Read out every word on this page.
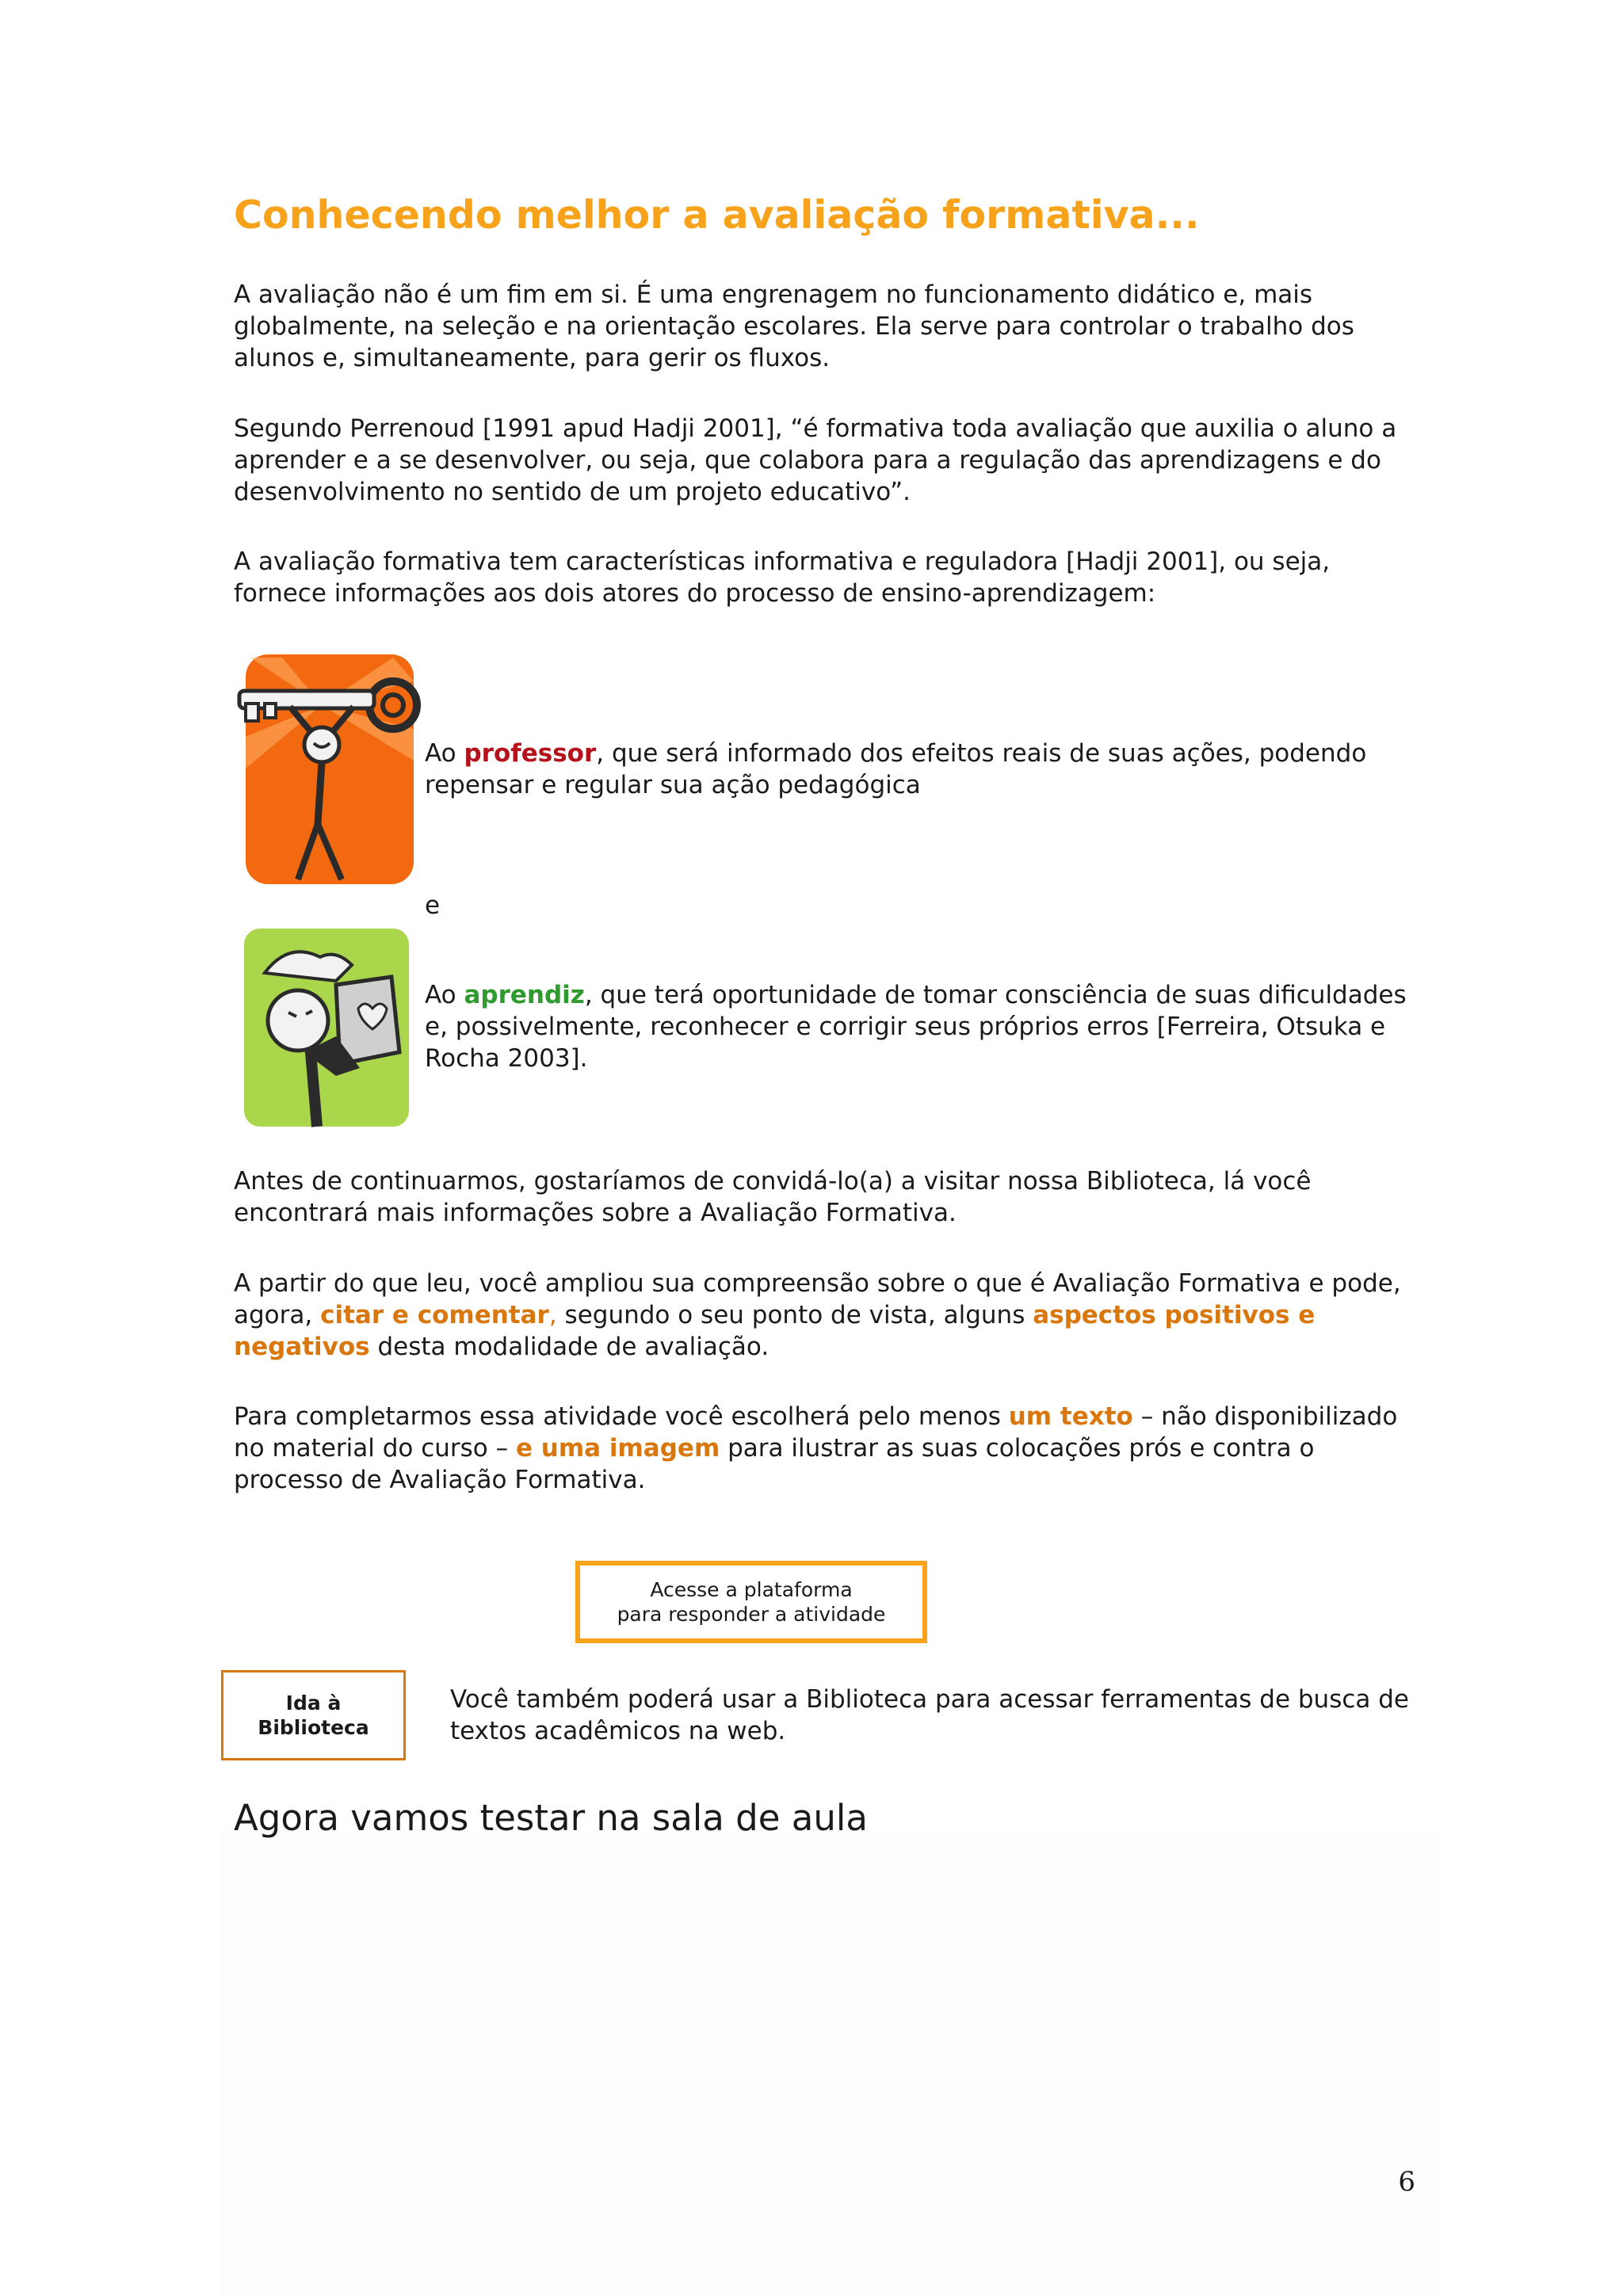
Conhecendo melhor a avaliação formativa...

A avaliação não é um fim em si. É uma engrenagem no funcionamento didático e, mais globalmente, na seleção e na orientação escolares. Ela serve para controlar o trabalho dos alunos e, simultaneamente, para gerir os fluxos.

Segundo Perrenoud [1991 apud Hadji 2001], “é formativa toda avaliação que auxilia o aluno a aprender e a se desenvolver, ou seja, que colabora para a regulação das aprendizagens e do desenvolvimento no sentido de um projeto educativo”.

A avaliação formativa tem características informativa e reguladora [Hadji 2001], ou seja, fornece informações aos dois atores do processo de ensino-aprendizagem:

Ao professor, que será informado dos efeitos reais de suas ações, podendo repensar e regular sua ação pedagógica

e

Ao aprendiz, que terá oportunidade de tomar consciência de suas dificuldades e, possivelmente, reconhecer e corrigir seus próprios erros [Ferreira, Otsuka e Rocha 2003].

Antes de continuarmos, gostaríamos de convidá-lo(a) a visitar nossa Biblioteca, lá você encontrará mais informações sobre a Avaliação Formativa.

A partir do que leu, você ampliou sua compreensão sobre o que é Avaliação Formativa e pode, agora, citar e comentar, segundo o seu ponto de vista, alguns aspectos positivos e negativos desta modalidade de avaliação.

Para completarmos essa atividade você escolherá pelo menos um texto – não disponibilizado no material do curso – e uma imagem para ilustrar as suas colocações prós e contra o processo de Avaliação Formativa.

Acesse a plataforma
para responder a atividade
Ida à
Biblioteca

Você também poderá usar a Biblioteca para acessar ferramentas de busca de textos acadêmicos na web.

Agora vamos testar na sala de aula
6
